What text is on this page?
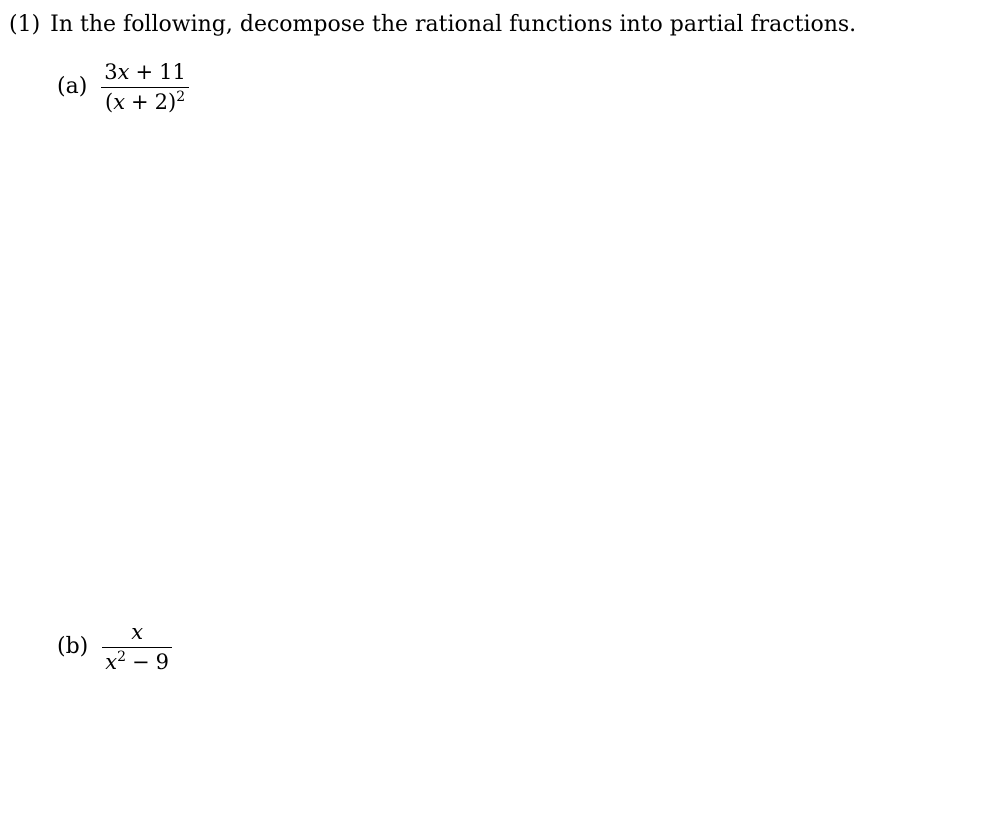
(1) In the following, decompose the rational functions into partial fractions.
$(a) \frac{3x + 11}{(x + 2)^2}$
$(b) \frac{x}{x^2 - 9}$
